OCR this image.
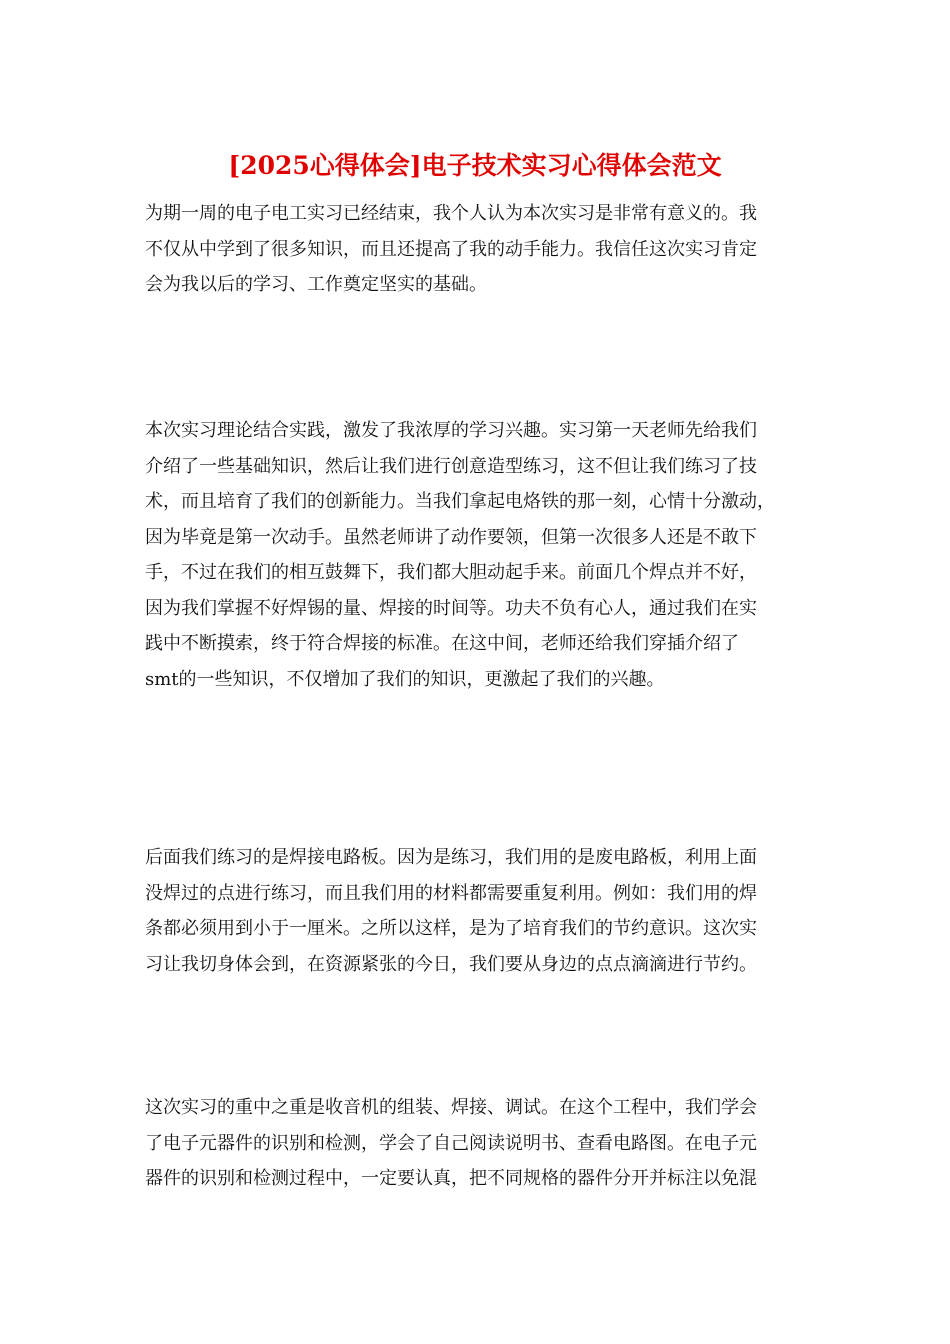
[2025心得体会]电子技术实习心得体会范文
为期一周的电子电工实习已经结束，我个人认为本次实习是非常有意义的。我
不仅从中学到了很多知识，而且还提高了我的动手能力。我信任这次实习肯定
会为我以后的学习、工作奠定坚实的基础。
本次实习理论结合实践，激发了我浓厚的学习兴趣。实习第一天老师先给我们
介绍了一些基础知识，然后让我们进行创意造型练习，这不但让我们练习了技
术，而且培育了我们的创新能力。当我们拿起电烙铁的那一刻，心情十分激动，
因为毕竟是第一次动手。虽然老师讲了动作要领，但第一次很多人还是不敢下
手，不过在我们的相互鼓舞下，我们都大胆动起手来。前面几个焊点并不好，
因为我们掌握不好焊锡的量、焊接的时间等。功夫不负有心人，通过我们在实
践中不断摸索，终于符合焊接的标准。在这中间，老师还给我们穿插介绍了
smt的一些知识，不仅增加了我们的知识，更激起了我们的兴趣。
后面我们练习的是焊接电路板。因为是练习，我们用的是废电路板，利用上面
没焊过的点进行练习，而且我们用的材料都需要重复利用。例如：我们用的焊
条都必须用到小于一厘米。之所以这样，是为了培育我们的节约意识。这次实
习让我切身体会到，在资源紧张的今日，我们要从身边的点点滴滴进行节约。
这次实习的重中之重是收音机的组装、焊接、调试。在这个工程中，我们学会
了电子元器件的识别和检测，学会了自己阅读说明书、查看电路图。在电子元
器件的识别和检测过程中，一定要认真，把不同规格的器件分开并标注以免混
